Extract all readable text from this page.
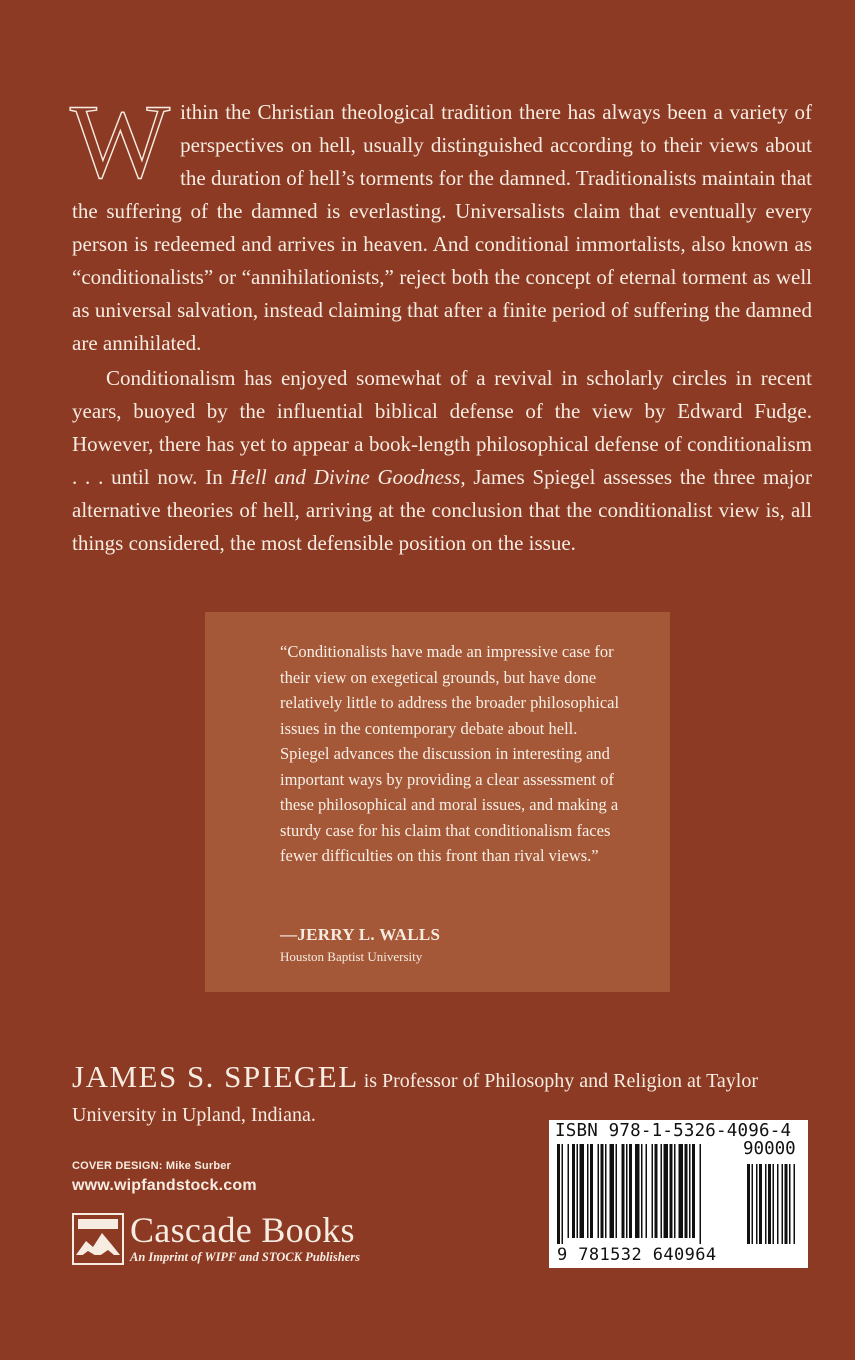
Within the Christian theological tradition there has always been a variety of perspectives on hell, usually distinguished according to their views about the duration of hell’s torments for the damned. Traditionalists maintain that the suffering of the damned is everlasting. Universalists claim that eventually every person is redeemed and arrives in heaven. And conditional immortalists, also known as “conditionalists” or “annihilationists,” reject both the concept of eternal torment as well as universal salvation, instead claiming that after a finite period of suffering the damned are annihilated.

Conditionalism has enjoyed somewhat of a revival in scholarly circles in recent years, buoyed by the influential biblical defense of the view by Edward Fudge. However, there has yet to appear a book-length philosophical defense of conditionalism . . . until now. In Hell and Divine Goodness, James Spiegel assesses the three major alternative theories of hell, arriving at the conclusion that the conditionalist view is, all things considered, the most defensible position on the issue.

“Conditionalists have made an impressive case for their view on exegetical grounds, but have done relatively little to address the broader philosophical issues in the contemporary debate about hell. Spiegel advances the discussion in interesting and important ways by providing a clear assessment of these philosophical and moral issues, and making a sturdy case for his claim that conditionalism faces fewer difficulties on this front than rival views.”
—JERRY L. WALLS
Houston Baptist University
JAMES S. SPIEGEL is Professor of Philosophy and Religion at Taylor University in Upland, Indiana.
COVER DESIGN: Mike Surber
www.wipfandstock.com
Cascade Books
An Imprint of WIPF and STOCK Publishers
ISBN 978-1-5326-4096-4
90000
9 781532 640964
